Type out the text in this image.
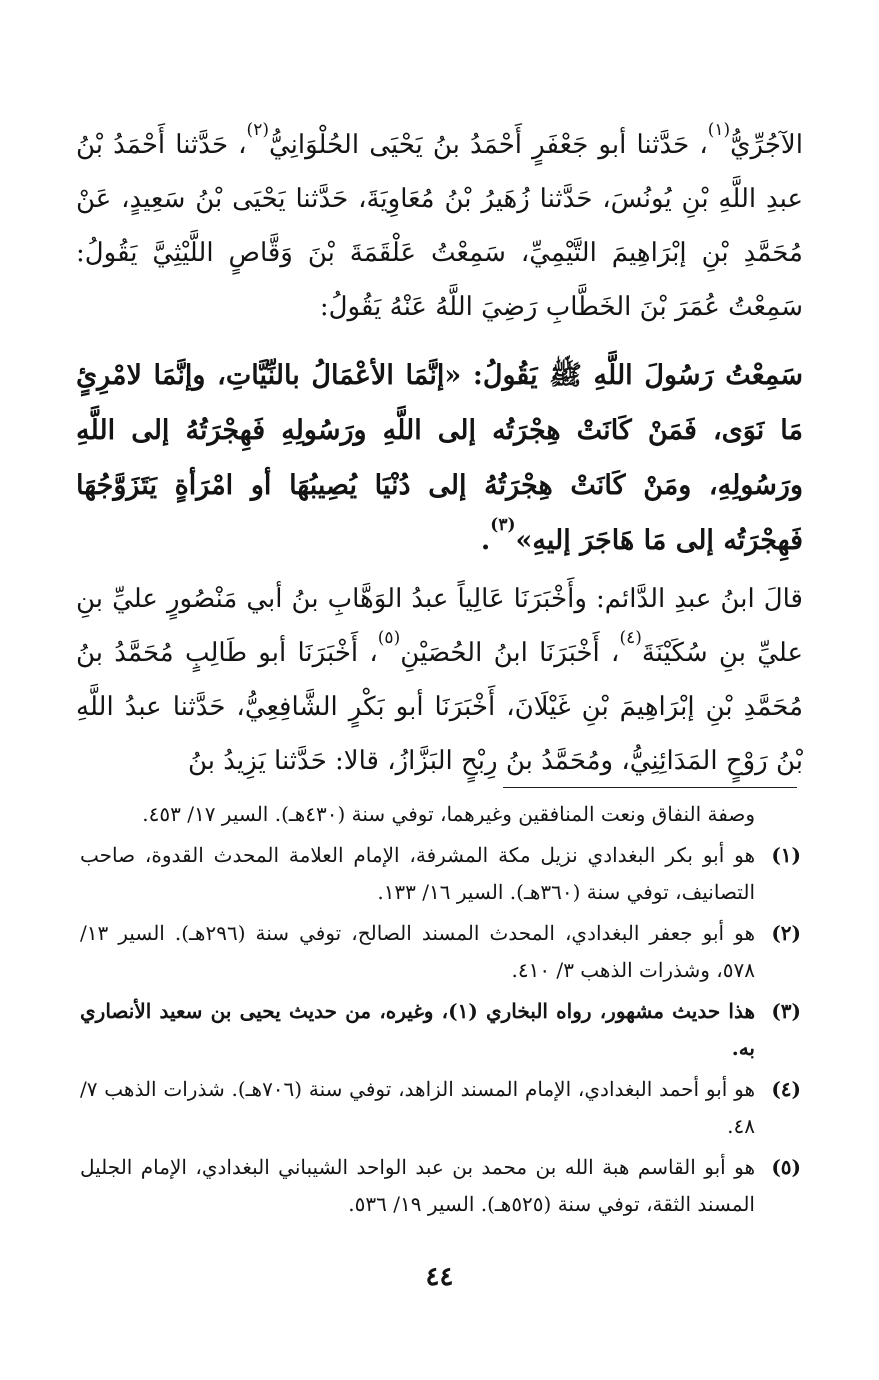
الآجُرِّيُّ(١)، حَدَّثنا أبو جَعْفَرٍ أَحْمَدُ بنُ يَحْيَى الحُلْوَانِيُّ(٢)، حَدَّثنا أَحْمَدُ بْنُ عبدِ اللَّهِ بْنِ يُونُسَ، حَدَّثنا زُهَيرُ بْنُ مُعَاوِيَةَ، حَدَّثنا يَحْيَى بْنُ سَعِيدٍ، عَنْ مُحَمَّدِ بْنِ إبْرَاهِيمَ التَّيْمِيِّ، سَمِعْتُ عَلْقَمَةَ بْنَ وَقَّاصٍ اللَّيْثِيَّ يَقُولُ: سَمِعْتُ عُمَرَ بْنَ الخَطَّابِ رَضِيَ اللَّهُ عَنْهُ يَقُولُ:

سَمِعْتُ رَسُولَ اللَّهِ ﷺ يَقُولُ: «إنَّمَا الأعْمَالُ بالنِّيَّاتِ، وإنَّمَا لامْرِئٍ مَا نَوَى، فَمَنْ كَانَتْ هِجْرَتُه إلى اللَّهِ ورَسُولِهِ فَهِجْرَتُهُ إلى اللَّهِ ورَسُولِهِ، ومَنْ كَانَتْ هِجْرَتُهُ إلى دُنْيَا يُصِيبُهَا أو امْرَأةٍ يَتَزَوَّجُهَا فَهِجْرَتُه إلى مَا هَاجَرَ إليهِ»(٣).

قالَ ابنُ عبدِ الدَّائم: وأَخْبَرَنَا عَالِياً عبدُ الوَهَّابِ بنُ أبي مَنْصُورٍ عليِّ بنِ عليِّ بنِ سُكَيْنَةَ(٤)، أَخْبَرَنَا ابنُ الحُصَيْنِ(٥)، أَخْبَرَنَا أبو طَالِبٍ مُحَمَّدُ بنُ مُحَمَّدِ بْنِ إبْرَاهِيمَ بْنِ غَيْلَانَ، أَخْبَرَنَا أبو بَكْرٍ الشَّافِعِيُّ، حَدَّثنا عبدُ اللَّهِ بْنُ رَوْحٍ المَدَائِنِيُّ، ومُحَمَّدُ بنُ رِبْحٍ البَزَّازُ، قالا: حَدَّثنا يَزِيدُ بنُ

وصفة النفاق ونعت المنافقين وغيرهما، توفي سنة (٤٣٠هـ). السير ١٧/ ٤٥٣.
(١)
هو أبو بكر البغدادي نزيل مكة المشرفة، الإمام العلامة المحدث القدوة، صاحب التصانيف، توفي سنة (٣٦٠هـ). السير ١٦/ ١٣٣.
(٢)
هو أبو جعفر البغدادي، المحدث المسند الصالح، توفي سنة (٢٩٦هـ). السير ١٣/ ٥٧٨، وشذرات الذهب ٣/ ٤١٠.
(٣)
هذا حديث مشهور، رواه البخاري (١)، وغيره، من حديث يحيى بن سعيد الأنصاري به.
(٤)
هو أبو أحمد البغدادي، الإمام المسند الزاهد، توفي سنة (٧٠٦هـ). شذرات الذهب ٧/ ٤٨.
(٥)
هو أبو القاسم هبة الله بن محمد بن عبد الواحد الشيباني البغدادي، الإمام الجليل المسند الثقة، توفي سنة (٥٢٥هـ). السير ١٩/ ٥٣٦.
٤٤
